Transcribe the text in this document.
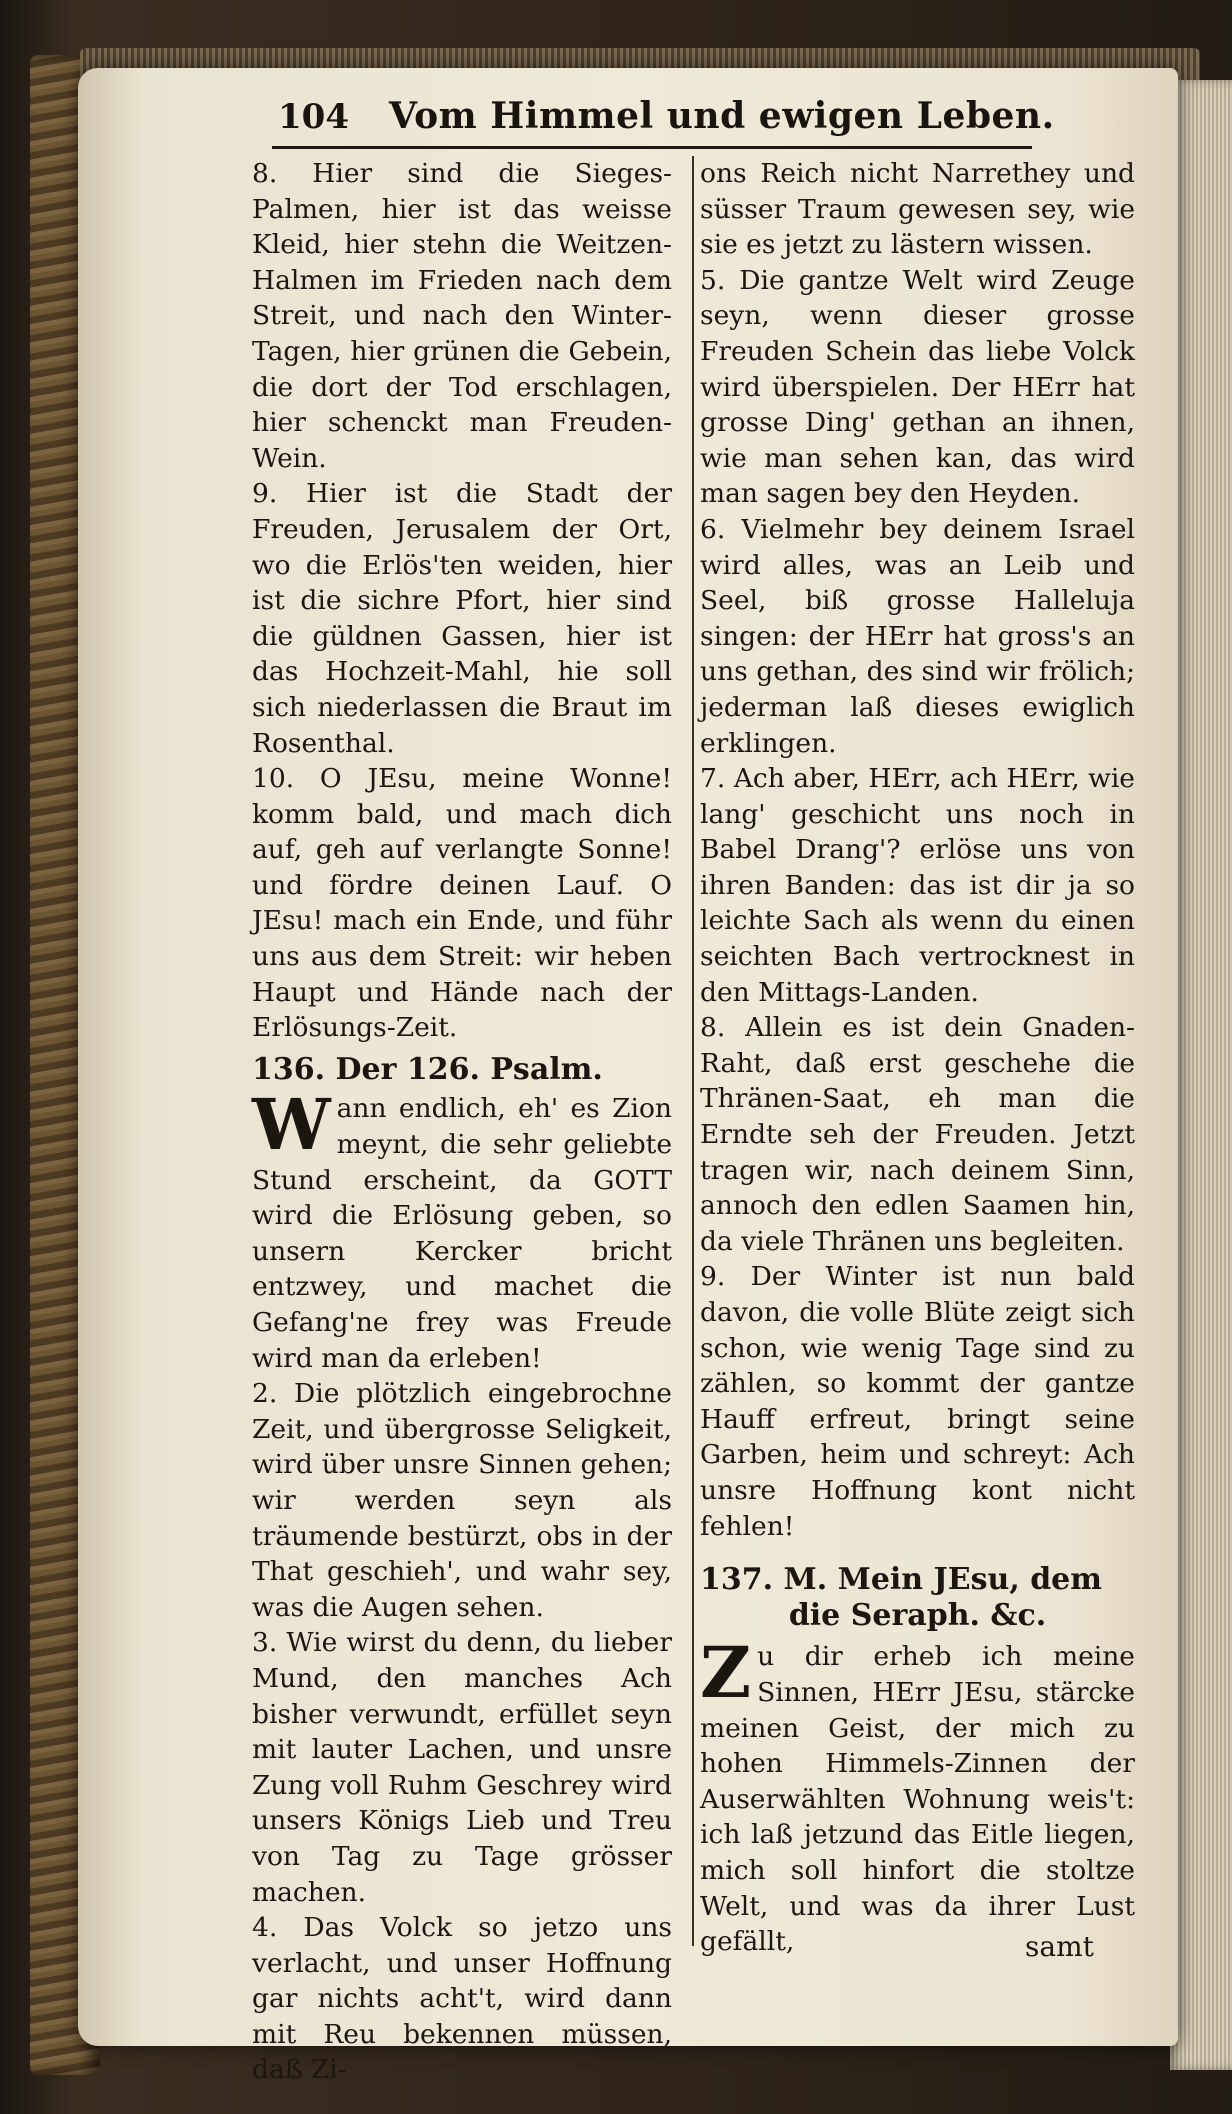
104 Vom Himmel und ewigen Leben.
8. Hier sind die Sieges-Palmen, hier ist das weisse Kleid, hier stehn die Weitzen-Halmen im Frieden nach dem Streit, und nach den Winter-Tagen, hier grünen die Gebein, die dort der Tod erschlagen, hier schenckt man Freuden-Wein.
9. Hier ist die Stadt der Freuden, Jerusalem der Ort, wo die Erlös'ten weiden, hier ist die sichre Pfort, hier sind die güldnen Gassen, hier ist das Hochzeit-Mahl, hie soll sich niederlassen die Braut im Rosenthal.
10. O JEsu, meine Wonne! komm bald, und mach dich auf, geh auf verlangte Sonne! und fördre deinen Lauf. O JEsu! mach ein Ende, und führ uns aus dem Streit: wir heben Haupt und Hände nach der Erlösungs-Zeit.
136. Der 126. Psalm.
Wann endlich, eh' es Zion meynt, die sehr geliebte Stund erscheint, da GOTT wird die Erlösung geben, so unsern Kercker bricht entzwey, und machet die Gefang'ne frey was Freude wird man da erleben!
2. Die plötzlich eingebrochne Zeit, und übergrosse Seligkeit, wird über unsre Sinnen gehen; wir werden seyn als träumende bestürzt, obs in der That geschieh', und wahr sey, was die Augen sehen.
3. Wie wirst du denn, du lieber Mund, den manches Ach bisher verwundt, erfüllet seyn mit lauter Lachen, und unsre Zung voll Ruhm Geschrey wird unsers Königs Lieb und Treu von Tag zu Tage grösser machen.
4. Das Volck so jetzo uns verlacht, und unser Hoffnung gar nichts acht't, wird dann mit Reu bekennen müssen, daß Zi-
ons Reich nicht Narrethey und süsser Traum gewesen sey, wie sie es jetzt zu lästern wissen.
5. Die gantze Welt wird Zeuge seyn, wenn dieser grosse Freuden Schein das liebe Volck wird überspielen. Der HErr hat grosse Ding' gethan an ihnen, wie man sehen kan, das wird man sagen bey den Heyden.
6. Vielmehr bey deinem Israel wird alles, was an Leib und Seel, biß grosse Halleluja singen: der HErr hat gross's an uns gethan, des sind wir frölich; jederman laß dieses ewiglich erklingen.
7. Ach aber, HErr, ach HErr, wie lang' geschicht uns noch in Babel Drang'? erlöse uns von ihren Banden: das ist dir ja so leichte Sach als wenn du einen seichten Bach vertrocknest in den Mittags-Landen.
8. Allein es ist dein Gnaden-Raht, daß erst geschehe die Thränen-Saat, eh man die Erndte seh der Freuden. Jetzt tragen wir, nach deinem Sinn, annoch den edlen Saamen hin, da viele Thränen uns begleiten.
9. Der Winter ist nun bald davon, die volle Blüte zeigt sich schon, wie wenig Tage sind zu zählen, so kommt der gantze Hauff erfreut, bringt seine Garben, heim und schreyt: Ach unsre Hoffnung kont nicht fehlen!
137. M. Mein JEsu, dem
die Seraph. &c.
Zu dir erheb ich meine Sinnen, HErr JEsu, stärcke meinen Geist, der mich zu hohen Himmels-Zinnen der Auserwählten Wohnung weis't: ich laß jetzund das Eitle liegen, mich soll hinfort die stoltze Welt, und was da ihrer Lust gefällt,	samt
